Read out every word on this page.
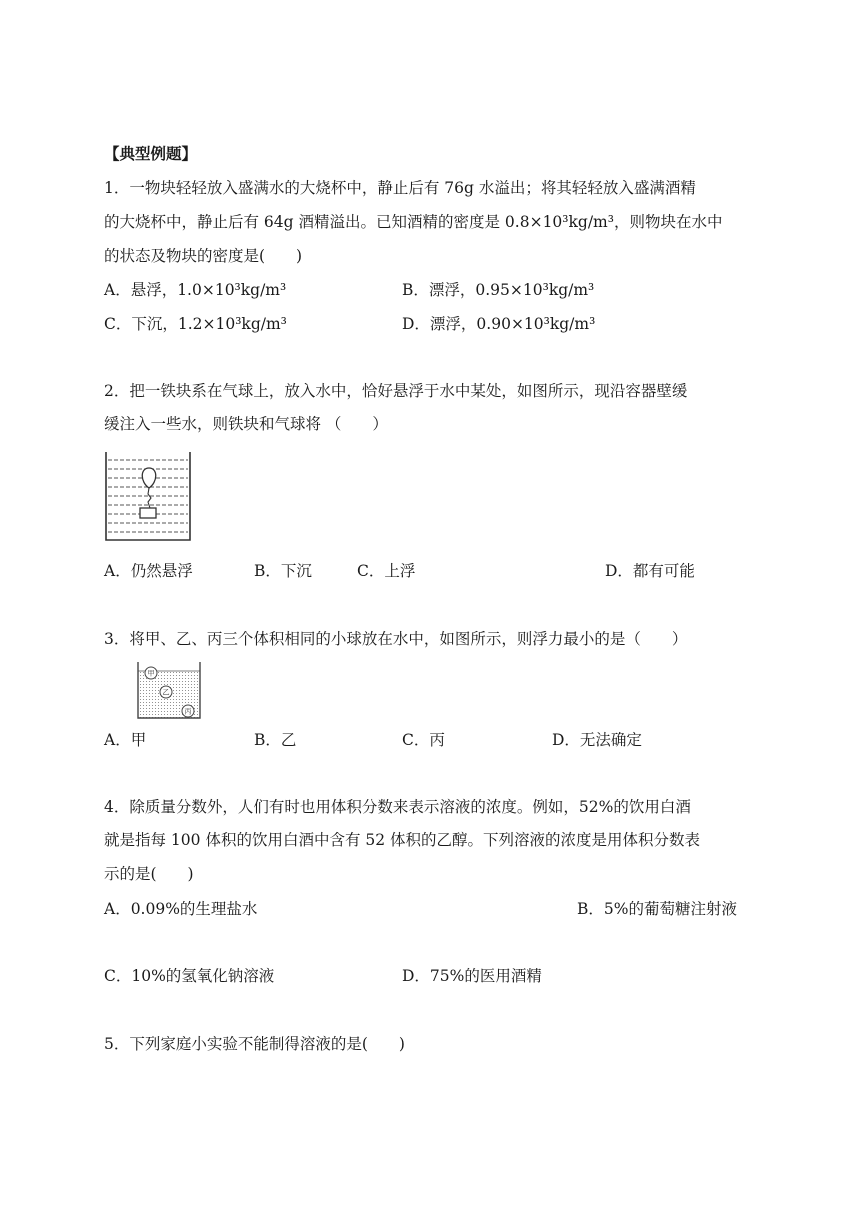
【典型例题】
1．一物块轻轻放入盛满水的大烧杯中，静止后有 76g 水溢出；将其轻轻放入盛满酒精
的大烧杯中，静止后有 64g 酒精溢出。已知酒精的密度是 0.8×10³kg/m³，则物块在水中
的状态及物块的密度是(　　)
A．悬浮，1.0×10³kg/m³	B．漂浮，0.95×10³kg/m³
C．下沉，1.2×10³kg/m³	D．漂浮，0.90×10³kg/m³
2．把一铁块系在气球上，放入水中，恰好悬浮于水中某处，如图所示，现沿容器壁缓
缓注入一些水，则铁块和气球将 （　　）
A．仍然悬浮	B．下沉	C．上浮	D．都有可能
3．将甲、乙、丙三个体积相同的小球放在水中，如图所示，则浮力最小的是（　　）
甲
乙
丙
A．甲	B．乙	C．丙	D．无法确定
4．除质量分数外，人们有时也用体积分数来表示溶液的浓度。例如，52%的饮用白酒
就是指每 100 体积的饮用白酒中含有 52 体积的乙醇。下列溶液的浓度是用体积分数表
示的是(　　)
A．0.09%的生理盐水	B．5%的葡萄糖注射液
C．10%的氢氧化钠溶液	D．75%的医用酒精
5．下列家庭小实验不能制得溶液的是(　　)
